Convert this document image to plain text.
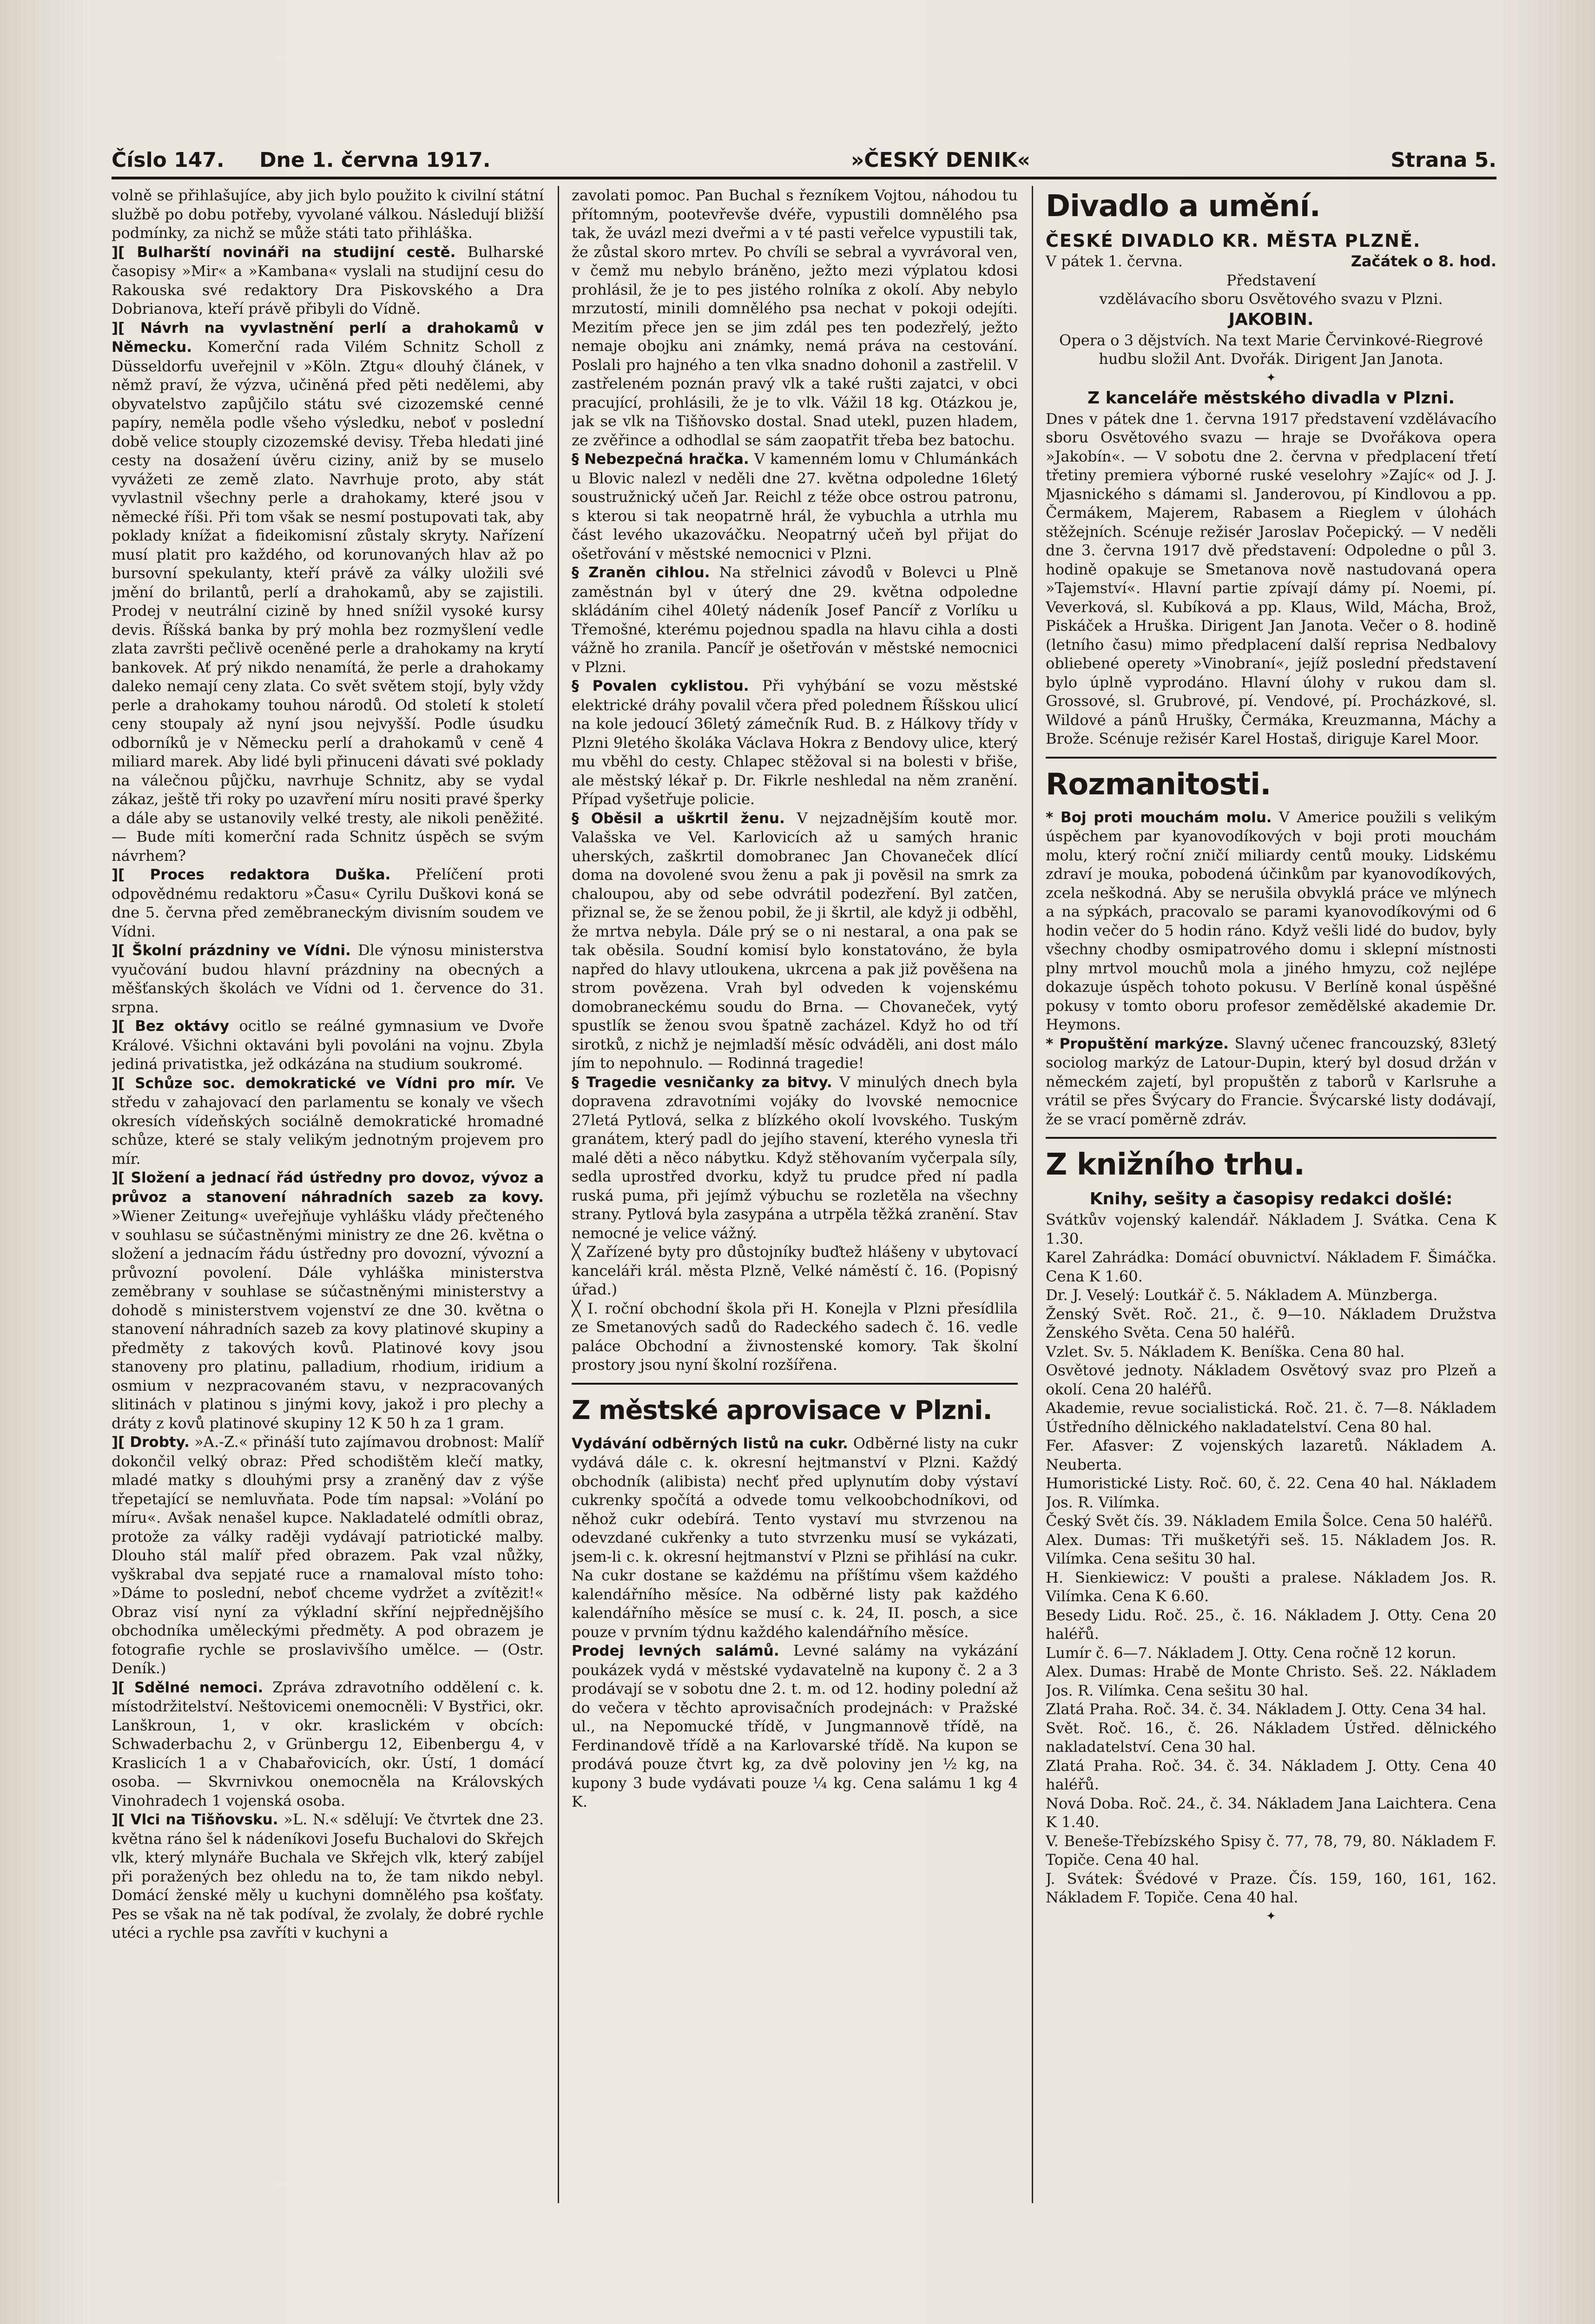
Číslo 147. Dne 1. června 1917.	»ČESKÝ DENIK«	Strana 5.

volně se přihlašujíce, aby jich bylo použito k civilní státní službě po dobu potřeby, vyvolané válkou. Následují bližší podmínky, za nichž se může státi tato přihláška.

][ Bulharští novináři na studijní cestě. Bulharské časopisy »Mir« a »Kambana« vyslali na studijní cesu do Rakouska své redaktory Dra Piskovského a Dra Dobrianova, kteří právě přibyli do Vídně.

][ Návrh na vyvlastnění perlí a drahokamů v Německu. Komerční rada Vilém Schnitz Scholl z Düsseldorfu uveřejnil v »Köln. Ztgu« dlouhý článek, v němž praví, že výzva, učiněná před pěti nedělemi, aby obyvatelstvo zapůjčilo státu své cizozemské cenné papíry, neměla podle všeho výsledku, neboť v poslední době velice stouply cizozemské devisy. Třeba hledati jiné cesty na dosažení úvěru ciziny, aniž by se muselo vyvážeti ze země zlato. Navrhuje proto, aby stát vyvlastnil všechny perle a drahokamy, které jsou v německé říši. Při tom však se nesmí postupovati tak, aby poklady knížat a fideikomisní zůstaly skryty. Nařízení musí platit pro každého, od korunovaných hlav až po bursovní spekulanty, kteří právě za války uložili své jmění do brilantů, perlí a drahokamů, aby se zajistili. Prodej v neutrální cizině by hned snížil vysoké kursy devis. Říšská banka by prý mohla bez rozmyšlení vedle zlata završti pečlivě oceněné perle a drahokamy na krytí bankovek. Ať prý nikdo nenamítá, že perle a drahokamy daleko nemají ceny zlata. Co svět světem stojí, byly vždy perle a drahokamy touhou národů. Od století k století ceny stoupaly až nyní jsou nejvyšší. Podle úsudku odborníků je v Německu perlí a drahokamů v ceně 4 miliard marek. Aby lidé byli přinuceni dávati své poklady na válečnou půjčku, navrhuje Schnitz, aby se vydal zákaz, ještě tři roky po uzavření míru nositi pravé šperky a dále aby se ustanovily velké tresty, ale nikoli peněžité. — Bude míti komerční rada Schnitz úspěch se svým návrhem?

][ Proces redaktora Duška. Přelíčení proti odpovědnému redaktoru »Času« Cyrilu Duškovi koná se dne 5. června před zeměbraneckým divisním soudem ve Vídni.

][ Školní prázdniny ve Vídni. Dle výnosu ministerstva vyučování budou hlavní prázdniny na obecných a měšťanských školách ve Vídni od 1. července do 31. srpna.

][ Bez oktávy ocitlo se reálné gymnasium ve Dvoře Králové. Všichni oktaváni byli povoláni na vojnu. Zbyla jediná privatistka, jež odkázána na studium soukromé.

][ Schůze soc. demokratické ve Vídni pro mír. Ve středu v zahajovací den parlamentu se konaly ve všech okresích vídeňských sociálně demokratické hromadné schůze, které se staly velikým jednotným projevem pro mír.

][ Složení a jednací řád ústředny pro dovoz, vývoz a průvoz a stanovení náhradních sazeb za kovy. »Wiener Zeitung« uveřejňuje vyhlášku vlády přečteného v souhlasu se súčastněnými ministry ze dne 26. května o složení a jednacím řádu ústředny pro dovozní, vývozní a průvozní povolení. Dále vyhláška ministerstva zeměbrany v souhlase se súčastněnými ministerstvy a dohodě s ministerstvem vojenství ze dne 30. května o stanovení náhradních sazeb za kovy platinové skupiny a předměty z takových kovů. Platinové kovy jsou stanoveny pro platinu, palladium, rhodium, iridium a osmium v nezpracovaném stavu, v nezpracovaných slitinách v platinou s jinými kovy, jakož i pro plechy a dráty z kovů platinové skupiny 12 K 50 h za 1 gram.

][ Drobty. »A.-Z.« přináší tuto zajímavou drobnost: Malíř dokončil velký obraz: Před schodištěm klečí matky, mladé matky s dlouhými prsy a zraněný dav z výše třepetající se nemluvňata. Pode tím napsal: »Volání po míru«. Avšak nenašel kupce. Nakladatelé odmítli obraz, protože za války raději vydávají patriotické malby. Dlouho stál malíř před obrazem. Pak vzal nůžky, vyškrabal dva sepjaté ruce a rnamaloval místo toho: »Dáme to poslední, neboť chceme vydržet a zvítězit!« Obraz visí nyní za výkladní skříní nejpřednějšího obchodníka uměleckými předměty. A pod obrazem je fotografie rychle se proslavivšího umělce. — (Ostr. Deník.)

][ Sdělné nemoci. Zpráva zdravotního oddělení c. k. místodržitelství. Neštovicemi onemocněli: V Bystřici, okr. Lanškroun, 1, v okr. kraslickém v obcích: Schwaderbachu 2, v Grünbergu 12, Eibenbergu 4, v Kraslicích 1 a v Chabařovicích, okr. Ústí, 1 domácí osoba. — Skvrnivkou onemocněla na Královských Vinohradech 1 vojenská osoba.

][ Vlci na Tišňovsku. »L. N.« sdělují: Ve čtvrtek dne 23. května ráno šel k nádeníkovi Josefu Buchalovi do Skřejch vlk, který mlynáře Buchala ve Skřejch vlk, který zabíjel při poražených bez ohledu na to, že tam nikdo nebyl. Domácí ženské měly u kuchyni domnělého psa košťaty. Pes se však na ně tak podíval, že zvolaly, že dobré rychle utéci a rychle psa zavříti v kuchyni a

zavolati pomoc. Pan Buchal s řezníkem Vojtou, náhodou tu přítomným, pootevřevše dvéře, vypustili domnělého psa tak, že uvázl mezi dveřmi a v té pasti veřelce vypustili tak, že zůstal skoro mrtev. Po chvíli se sebral a vyvrávoral ven, v čemž mu nebylo bráněno, ježto mezi výplatou kdosi prohlásil, že je to pes jistého rolníka z okolí. Aby nebylo mrzutostí, minili domnělého psa nechat v pokoji odejíti. Mezitím přece jen se jim zdál pes ten podezřelý, ježto nemaje obojku ani známky, nemá práva na cestování. Poslali pro hajného a ten vlka snadno dohonil a zastřelil. V zastřeleném poznán pravý vlk a také rušti zajatci, v obci pracující, prohlásili, že je to vlk. Vážil 18 kg. Otázkou je, jak se vlk na Tišňovsko dostal. Snad utekl, puzen hladem, ze zvěřince a odhodlal se sám zaopatřit třeba bez batochu.

§ Nebezpečná hračka. V kamenném lomu v Chlumánkách u Blovic nalezl v neděli dne 27. května odpoledne 16letý soustružnický učeň Jar. Reichl z téže obce ostrou patronu, s kterou si tak neopatrně hrál, že vybuchla a utrhla mu část levého ukazováčku. Neopatrný učeň byl přijat do ošetřování v městské nemocnici v Plzni.

§ Zraněn cihlou. Na střelnici závodů v Bolevci u Plně zaměstnán byl v úterý dne 29. května odpoledne skládáním cihel 40letý nádeník Josef Pancíř z Vorlíku u Třemošné, kterému pojednou spadla na hlavu cihla a dosti vážně ho zranila. Pancíř je ošetřován v městské nemocnici v Plzni.

§ Povalen cyklistou. Při vyhýbání se vozu městské elektrické dráhy povalil včera před polednem Říšskou ulicí na kole jedoucí 36letý zámečník Rud. B. z Hálkovy třídy v Plzni 9letého školáka Václava Hokra z Bendovy ulice, který mu vběhl do cesty. Chlapec stěžoval si na bolesti v břiše, ale městský lékař p. Dr. Fikrle neshledal na něm zranění. Případ vyšetřuje policie.

§ Oběsil a uškrtil ženu. V nejzadnějším koutě mor. Valašska ve Vel. Karlovicích až u samých hranic uherských, zaškrtil domobranec Jan Chovaneček dlící doma na dovolené svou ženu a pak ji pověsil na smrk za chaloupou, aby od sebe odvrátil podezření. Byl zatčen, přiznal se, že se ženou pobil, že ji škrtil, ale když ji odběhl, že mrtva nebyla. Dále prý se o ni nestaral, a ona pak se tak oběsila. Soudní komisí bylo konstatováno, že byla napřed do hlavy utloukena, ukrcena a pak již pověšena na strom povězena. Vrah byl odveden k vojenskému domobraneckému soudu do Brna. — Chovaneček, vytý spustlík se ženou svou špatně zacházel. Když ho od tří sirotků, z nichž je nejmladší měsíc odváděli, ani dost málo jím to nepohnulo. — Rodinná tragedie!

§ Tragedie vesničanky za bitvy. V minulých dnech byla dopravena zdravotními vojáky do lvovské nemocnice 27letá Pytlová, selka z blízkého okolí lvovského. Tuským granátem, který padl do jejího stavení, kterého vynesla tři malé děti a něco nábytku. Když stěhovaním vyčerpala síly, sedla uprostřed dvorku, když tu prudce před ní padla ruská puma, při jejímž výbuchu se rozletěla na všechny strany. Pytlová byla zasypána a utrpěla těžká zranění. Stav nemocné je velice vážný.

╳ Zařízené byty pro důstojníky buďtež hlášeny v ubytovací kanceláři král. města Plzně, Velké náměstí č. 16. (Popisný úřad.)

╳ I. roční obchodní škola při H. Konejla v Plzni přesídlila ze Smetanových sadů do Radeckého sadech č. 16. vedle paláce Obchodní a živnostenské komory. Tak školní prostory jsou nyní školní rozšířena.

Z městské aprovisace v Plzni.

Vydávání odběrných listů na cukr. Odběrné listy na cukr vydává dále c. k. okresní hejtmanství v Plzni. Každý obchodník (alibista) nechť před uplynutím doby výstaví cukrenky spočítá a odvede tomu velkoobchodníkovi, od něhož cukr odebírá. Tento vystaví mu stvrzenou na odevzdané cukřenky a tuto stvrzenku musí se vykázati, jsem-li c. k. okresní hejtmanství v Plzni se přihlásí na cukr. Na cukr dostane se každému na příštímu všem každého kalendářního měsíce. Na odběrné listy pak každého kalendářního měsíce se musí c. k. 24, II. posch, a sice pouze v prvním týdnu každého kalendářního měsíce.

Prodej levných salámů. Levné salámy na vykázání poukázek vydá v městské vydavatelně na kupony č. 2 a 3 prodávají se v sobotu dne 2. t. m. od 12. hodiny polední až do večera v těchto aprovisačních prodejnách: v Pražské ul., na Nepomucké třídě, v Jungmannově třídě, na Ferdinandově třídě a na Karlovarské třídě. Na kupon se prodává pouze čtvrt kg, za dvě poloviny jen ½ kg, na kupony 3 bude vydávati pouze ¼ kg. Cena salámu 1 kg 4 K.

Divadlo a umění.
ČESKÉ DIVADLO KR. MĚSTA PLZNĚ.
V pátek 1. června.	Začátek o 8. hod.
Představení
vzdělávacího sboru Osvětového svazu v Plzni.
JAKOBIN.
Opera o 3 dějstvích. Na text Marie Červinkové-Riegrové hudbu složil Ant. Dvořák. Dirigent Jan Janota.
✦
Z kanceláře městského divadla v Plzni.

Dnes v pátek dne 1. června 1917 představení vzdělávacího sboru Osvětového svazu — hraje se Dvořákova opera »Jakobín«. — V sobotu dne 2. června v předplacení třetí třetiny premiera výborné ruské veselohry »Zajíc« od J. J. Mjasnického s dámami sl. Janderovou, pí Kindlovou a pp. Čermákem, Majerem, Rabasem a Rieglem v úlohách stěžejních. Scénuje režisér Jaroslav Počepický. — V neděli dne 3. června 1917 dvě představení: Odpoledne o půl 3. hodině opakuje se Smetanova nově nastudovaná opera »Tajemství«. Hlavní partie zpívají dámy pí. Noemi, pí. Veverková, sl. Kubíková a pp. Klaus, Wild, Mácha, Brož, Piskáček a Hruška. Dirigent Jan Janota. Večer o 8. hodině (letního času) mimo předplacení další reprisa Nedbalovy obliebené operety »Vinobraní«, jejíž poslední představení bylo úplně vyprodáno. Hlavní úlohy v rukou dam sl. Grossové, sl. Grubrové, pí. Vendové, pí. Procházkové, sl. Wildové a pánů Hrušky, Čermáka, Kreuzmanna, Máchy a Brože. Scénuje režisér Karel Hostaš, diriguje Karel Moor.

Rozmanitosti.

* Boj proti mouchám molu. V Americe použili s velikým úspěchem par kyanovodíkových v boji proti mouchám molu, který roční zničí miliardy centů mouky. Lidskému zdraví je mouka, pobodená účinkům par kyanovodíkových, zcela neškodná. Aby se nerušila obvyklá práce ve mlýnech a na sýpkách, pracovalo se parami kyanovodíkovými od 6 hodin večer do 5 hodin ráno. Když vešli lidé do budov, byly všechny chodby osmipatrového domu i sklepní místnosti plny mrtvol mouchů mola a jiného hmyzu, což nejlépe dokazuje úspěch tohoto pokusu. V Berlíně konal úspěšné pokusy v tomto oboru profesor zemědělské akademie Dr. Heymons.

* Propuštění markýze. Slavný učenec francouzský, 83letý sociolog markýz de Latour-Dupin, který byl dosud držán v německém zajetí, byl propuštěn z taborů v Karlsruhe a vrátil se přes Švýcary do Francie. Švýcarské listy dodávají, že se vrací poměrně zdráv.

Z knižního trhu.
Knihy, sešity a časopisy redakci došlé:

Svátkův vojenský kalendář. Nákladem J. Svátka. Cena K 1.30.

Karel Zahrádka: Domácí obuvnictví. Nákladem F. Šimáčka. Cena K 1.60.

Dr. J. Veselý: Loutkář č. 5. Nákladem A. Münzberga.

Ženský Svět. Roč. 21., č. 9—10. Nákladem Družstva Ženského Světa. Cena 50 haléřů.

Vzlet. Sv. 5. Nákladem K. Beníška. Cena 80 hal.

Osvětové jednoty. Nákladem Osvětový svaz pro Plzeň a okolí. Cena 20 haléřů.

Akademie, revue socialistická. Roč. 21. č. 7—8. Nákladem Ústředního dělnického nakladatelství. Cena 80 hal.

Fer. Afasver: Z vojenských lazaretů. Nákladem A. Neuberta.

Humoristické Listy. Roč. 60, č. 22. Cena 40 hal. Nákladem Jos. R. Vilímka.

Český Svět čís. 39. Nákladem Emila Šolce. Cena 50 haléřů.

Alex. Dumas: Tři mušketýři seš. 15. Nákladem Jos. R. Vilímka. Cena sešitu 30 hal.

H. Sienkiewicz: V poušti a pralese. Nákladem Jos. R. Vilímka. Cena K 6.60.

Besedy Lidu. Roč. 25., č. 16. Nákladem J. Otty. Cena 20 haléřů.

Lumír č. 6—7. Nákladem J. Otty. Cena ročně 12 korun.

Alex. Dumas: Hrabě de Monte Christo. Seš. 22. Nákladem Jos. R. Vilímka. Cena sešitu 30 hal.

Zlatá Praha. Roč. 34. č. 34. Nákladem J. Otty. Cena 34 hal.

Svět. Roč. 16., č. 26. Nákladem Ústřed. dělnického nakladatelství. Cena 30 hal.

Zlatá Praha. Roč. 34. č. 34. Nákladem J. Otty. Cena 40 haléřů.

Nová Doba. Roč. 24., č. 34. Nákladem Jana Laichtera. Cena K 1.40.

V. Beneše-Třebízského Spisy č. 77, 78, 79, 80. Nákladem F. Topiče. Cena 40 hal.

J. Svátek: Švédové v Praze. Čís. 159, 160, 161, 162. Nákladem F. Topiče. Cena 40 hal.

✦
